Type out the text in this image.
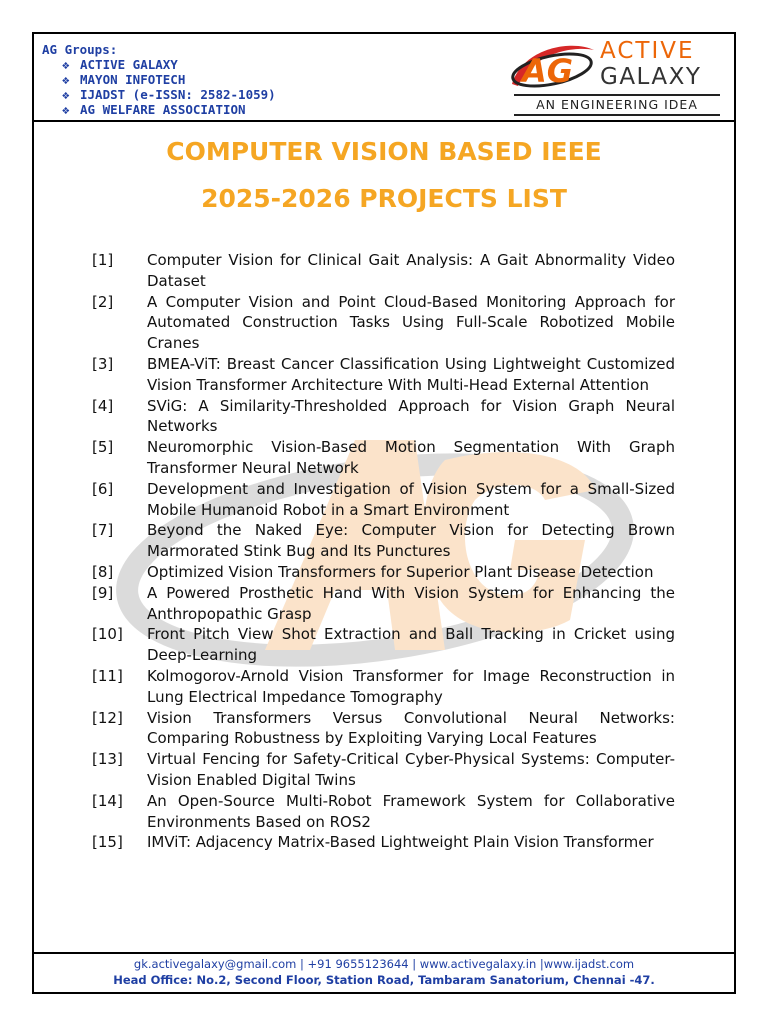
AG Groups:
❖ ACTIVE GALAXY
❖ MAYON INFOTECH
❖ IJADST (e-ISSN: 2582-1059)
❖ AG WELFARE ASSOCIATION
AG
ACTIVE
GALAXY
AN ENGINEERING IDEA
COMPUTER VISION BASED IEEE
2025-2026 PROJECTS LIST
[1]	Computer Vision for Clinical Gait Analysis: A Gait Abnormality Video Dataset
[2]	A Computer Vision and Point Cloud-Based Monitoring Approach for Automated Construction Tasks Using Full-Scale Robotized Mobile Cranes
[3]	BMEA-ViT: Breast Cancer Classification Using Lightweight Customized Vision Transformer Architecture With Multi-Head External Attention
[4]	SViG: A Similarity-Thresholded Approach for Vision Graph Neural Networks
[5]	Neuromorphic Vision-Based Motion Segmentation With Graph Transformer Neural Network
[6]	Development and Investigation of Vision System for a Small-Sized Mobile Humanoid Robot in a Smart Environment
[7]	Beyond the Naked Eye: Computer Vision for Detecting Brown Marmorated Stink Bug and Its Punctures
[8]	Optimized Vision Transformers for Superior Plant Disease Detection
[9]	A Powered Prosthetic Hand With Vision System for Enhancing the Anthropopathic Grasp
[10]	Front Pitch View Shot Extraction and Ball Tracking in Cricket using Deep-Learning
[11]	Kolmogorov-Arnold Vision Transformer for Image Reconstruction in Lung Electrical Impedance Tomography
[12]	Vision Transformers Versus Convolutional Neural Networks: Comparing Robustness by Exploiting Varying Local Features
[13]	Virtual Fencing for Safety-Critical Cyber-Physical Systems: Computer-Vision Enabled Digital Twins
[14]	An Open-Source Multi-Robot Framework System for Collaborative Environments Based on ROS2
[15]	IMViT: Adjacency Matrix-Based Lightweight Plain Vision Transformer
gk.activegalaxy@gmail.com | +91 9655123644 | www.activegalaxy.in |www.ijadst.com
Head Office: No.2, Second Floor, Station Road, Tambaram Sanatorium, Chennai -47.
